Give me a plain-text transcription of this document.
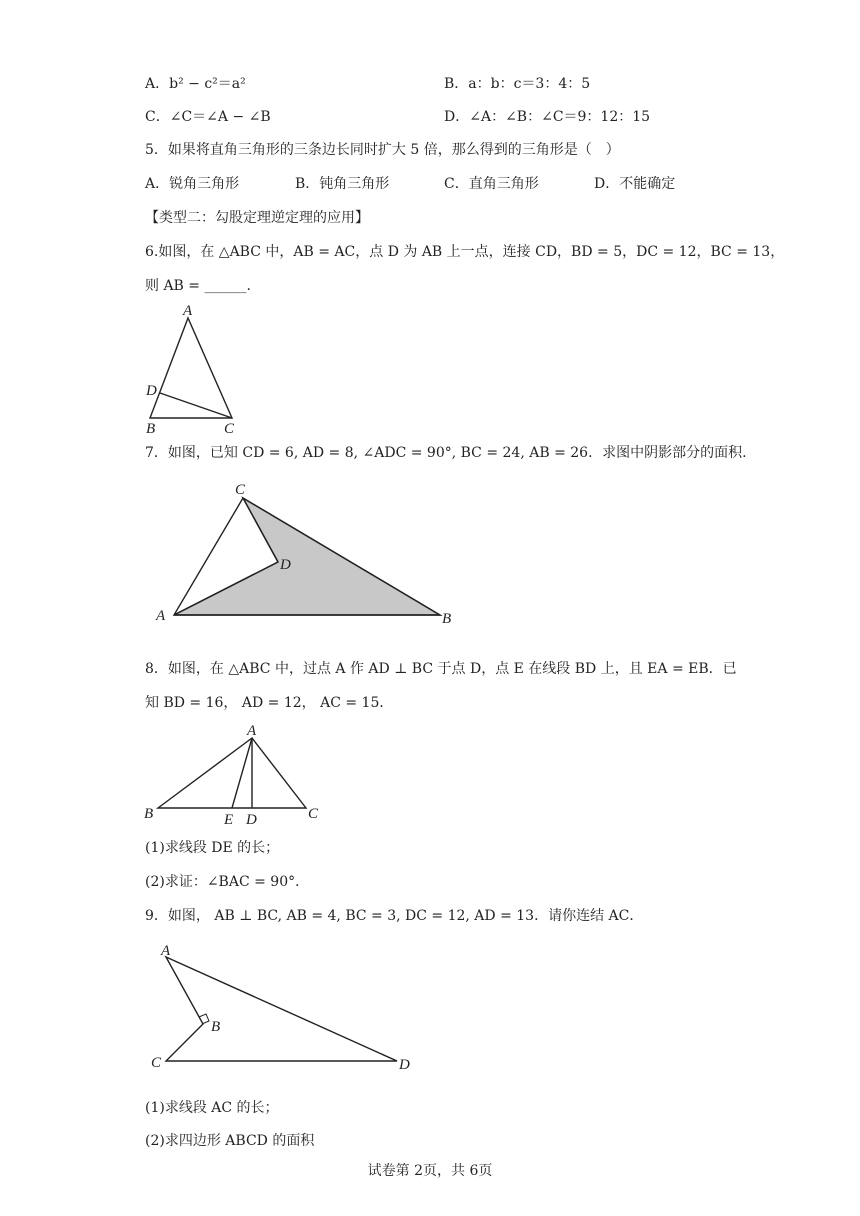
A．b² − c²＝a²	B．a：b：c＝3：4：5
C．∠C＝∠A − ∠B	D．∠A：∠B：∠C＝9：12：15
5．如果将直角三角形的三条边长同时扩大 5 倍，那么得到的三角形是（　）
A．锐角三角形	B．钝角三角形	C．直角三角形	D．不能确定
【类型二：勾股定理逆定理的应用】
6.如图，在 △ABC 中，AB = AC，点 D 为 AB 上一点，连接 CD，BD = 5，DC = 12，BC = 13，
则 AB = ______.
A
D
B	C
7．如图，已知 CD = 6, AD = 8, ∠ADC = 90°, BC = 24, AB = 26．求图中阴影部分的面积.
C
D
A	B
8．如图，在 △ABC 中，过点 A 作 AD ⊥ BC 于点 D，点 E 在线段 BD 上，且 EA = EB．已
知 BD = 16， AD = 12， AC = 15．
A
B	C
E D
(1)求线段 DE 的长；
(2)求证：∠BAC = 90°．
9．如图， AB ⊥ BC, AB = 4, BC = 3, DC = 12, AD = 13．请你连结 AC．
A
B
C	D
(1)求线段 AC 的长；
(2)求四边形 ABCD 的面积
试卷第 2页，共 6页
